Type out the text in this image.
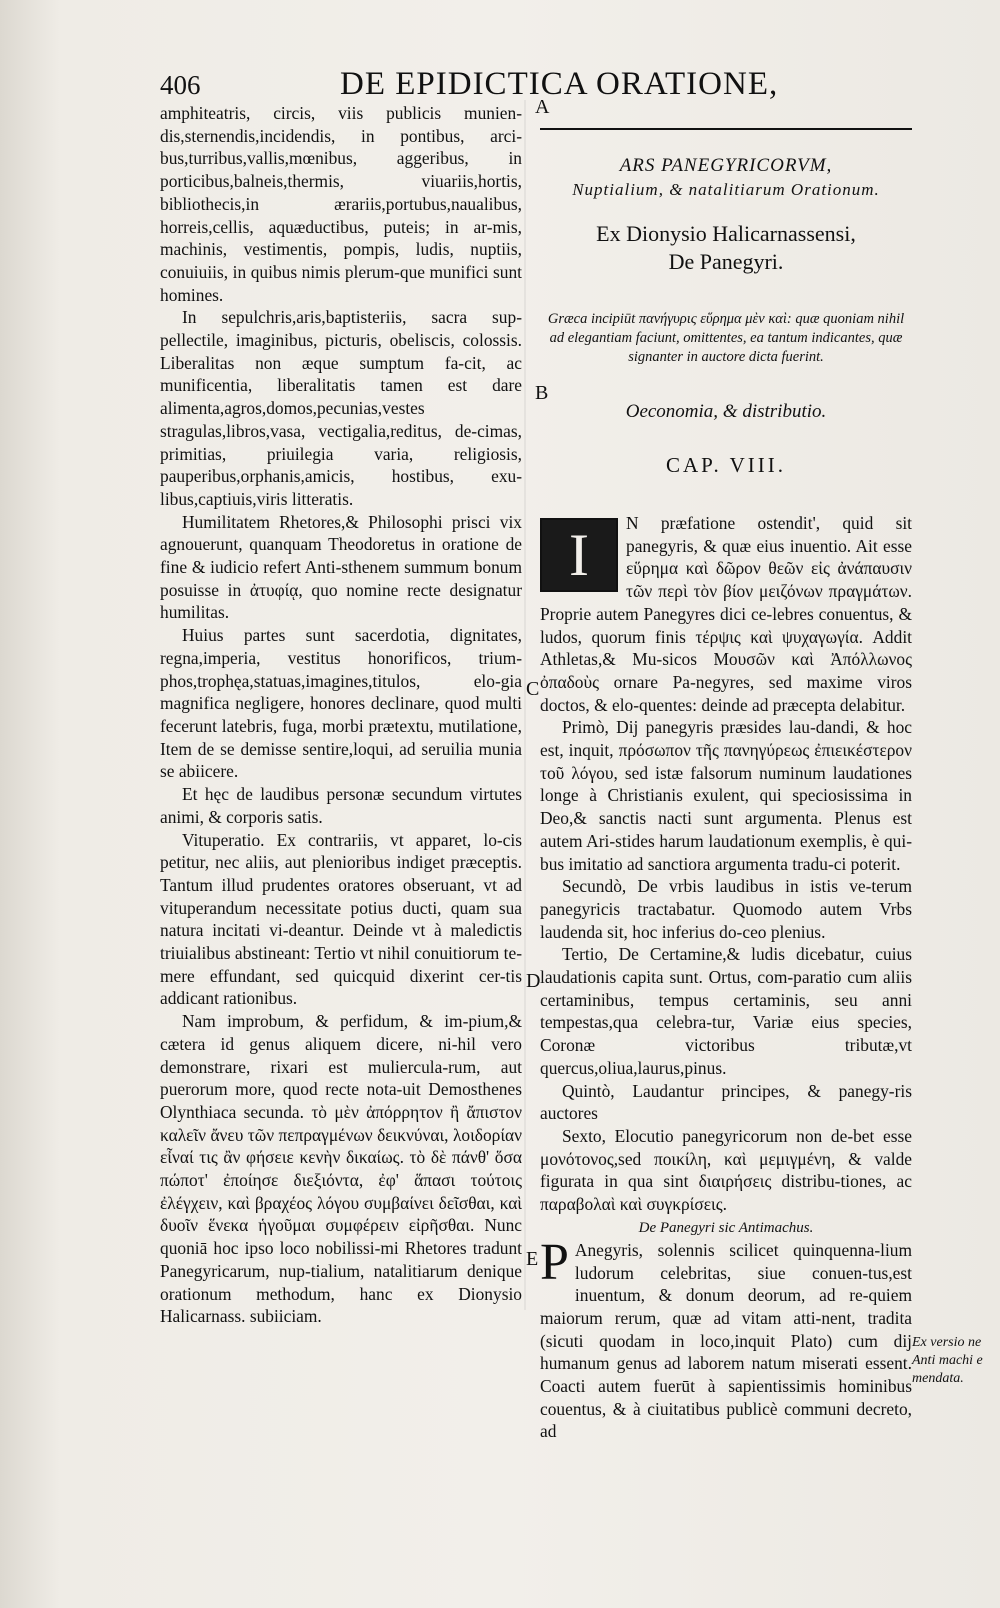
406	DE EPIDICTICA ORATIONE,

amphiteatris, circis, viis publicis munien-dis,sternendis,incidendis, in pontibus, arci-bus,turribus,vallis,mœnibus, aggeribus, in porticibus,balneis,thermis, viuariis,hortis, bibliothecis,in ærariis,portubus,naualibus, horreis,cellis, aquæductibus, puteis; in ar-mis, machinis, vestimentis, pompis, ludis, nuptiis, conuiuiis, in quibus nimis plerum-que munifici sunt homines.

In sepulchris,aris,baptisteriis, sacra sup-pellectile, imaginibus, picturis, obeliscis, colossis. Liberalitas non æque sumptum fa-cit, ac munificentia, liberalitatis tamen est dare alimenta,agros,domos,pecunias,vestes stragulas,libros,vasa, vectigalia,reditus, de-cimas, primitias, priuilegia varia, religiosis, pauperibus,orphanis,amicis, hostibus, exu-libus,captiuis,viris litteratis.

Humilitatem Rhetores,& Philosophi prisci vix agnouerunt, quanquam Theodoretus in oratione de fine & iudicio refert Anti-sthenem summum bonum posuisse in ἀτυφίᾳ, quo nomine recte designatur humilitas.

Huius partes sunt sacerdotia, dignitates, regna,imperia, vestitus honorificos, trium-phos,trophęa,statuas,imagines,titulos, elo-gia magnifica negligere, honores declinare, quod multi fecerunt latebris, fuga, morbi prætextu, mutilatione, Item de se demisse sentire,loqui, ad seruilia munia se abiicere.

Et hęc de laudibus personæ secundum virtutes animi, & corporis satis.

Vituperatio. Ex contrariis, vt apparet, lo-cis petitur, nec aliis, aut plenioribus indiget præceptis. Tantum illud prudentes oratores obseruant, vt ad vituperandum necessitate potius ducti, quam sua natura incitati vi-deantur. Deinde vt à maledictis triuialibus abstineant: Tertio vt nihil conuitiorum te-mere effundant, sed quicquid dixerint cer-tis addicant rationibus.

Nam improbum, & perfidum, & im-pium,& cætera id genus aliquem dicere, ni-hil vero demonstrare, rixari est muliercula-rum, aut puerorum more, quod recte nota-uit Demosthenes Olynthiaca secunda. τὸ μὲν ἀπόρρητον ἢ ἄπιστον καλεῖν ἄνευ τῶν πεπραγμένων δεικνύναι, λοιδορίαν εἶναί τις ἂν φήσειε κενὴν δικαίως. τὸ δὲ πάνθ' ὅσα πώποτ' ἐποίησε διεξιόντα, ἐφ' ἅπασι τούτοις ἐλέγχειν, καὶ βραχέος λόγου συμβαίνει δεῖσθαι, καὶ δυοῖν ἕνεκα ἡγοῦμαι συμφέρειν εἰρῆσθαι. Nunc quoniā hoc ipso loco nobilissi-mi Rhetores tradunt Panegyricarum, nup-tialium, natalitiarum denique orationum methodum, hanc ex Dionysio Halicarnass. subiiciam.

A
B
C
D
E

ARS PANEGYRICORVM,

Nuptialium, & natalitiarum Orationum.

Ex Dionysio Halicarnassensi,

De Panegyri.

Græca incipiūt πανήγυρις εὕρημα μὲν καὶ: quæ quoniam nihil ad elegantiam faciunt, omittentes, ea tantum indicantes, quæ signanter in auctore dicta fuerint.

Oeconomia, & distributio.

CAP. VIII.

I	N præfatione ostendit', quid sit panegyris, & quæ eius inuentio. Ait esse εὕρημα καὶ δῶρον θεῶν εἰς ἀνάπαυσιν τῶν περὶ τὸν βίον μειζόνων πραγμάτων. Proprie autem Panegyres dici ce-lebres conuentus, & ludos, quorum finis τέρψις καὶ ψυχαγωγία. Addit Athletas,& Mu-sicos Μουσῶν καὶ Ἀπόλλωνος ὀπαδοὺς ornare Pa-negyres, sed maxime viros doctos, & elo-quentes: deinde ad præcepta delabitur.

Primò, Dij panegyris præsides lau-dandi, & hoc est, inquit, πρόσωπον τῆς πανηγύρεως ἐπιεικέστερον τοῦ λόγου, sed istæ falsorum numinum laudationes longe à Christianis exulent, qui speciosissima in Deo,& sanctis nacti sunt argumenta. Plenus est autem Ari-stides harum laudationum exemplis, è qui-bus imitatio ad sanctiora argumenta tradu-ci poterit.

Secundò, De vrbis laudibus in istis ve-terum panegyricis tractabatur. Quomodo autem Vrbs laudenda sit, hoc inferius do-ceo plenius.

Tertio, De Certamine,& ludis dicebatur, cuius laudationis capita sunt. Ortus, com-paratio cum aliis certaminibus, tempus certaminis, seu anni tempestas,qua celebra-tur, Variæ eius species, Coronæ victoribus tributæ,vt quercus,oliua,laurus,pinus.

Quintò, Laudantur principes, & panegy-ris auctores

Sexto, Elocutio panegyricorum non de-bet esse μονότονος,sed ποικίλη, καὶ μεμιγμένη, & valde figurata in qua sint διαιρήσεις distribu-tiones, ac παραβολαὶ καὶ συγκρίσεις.

De Panegyri sic Antimachus.

P Anegyris, solennis scilicet quinquenna-lium ludorum celebritas, siue conuen-tus,est inuentum, & donum deorum, ad re-quiem maiorum rerum, quæ ad vitam atti-nent, tradita (sicuti quodam in loco,inquit Plato) cum dij humanum genus ad laborem natum miserati essent. Coacti autem fuerūt à sapientissimis hominibus couentus, & à ciuitatibus publicè communi decreto, ad

Ex versio ne Anti machi e mendata.
